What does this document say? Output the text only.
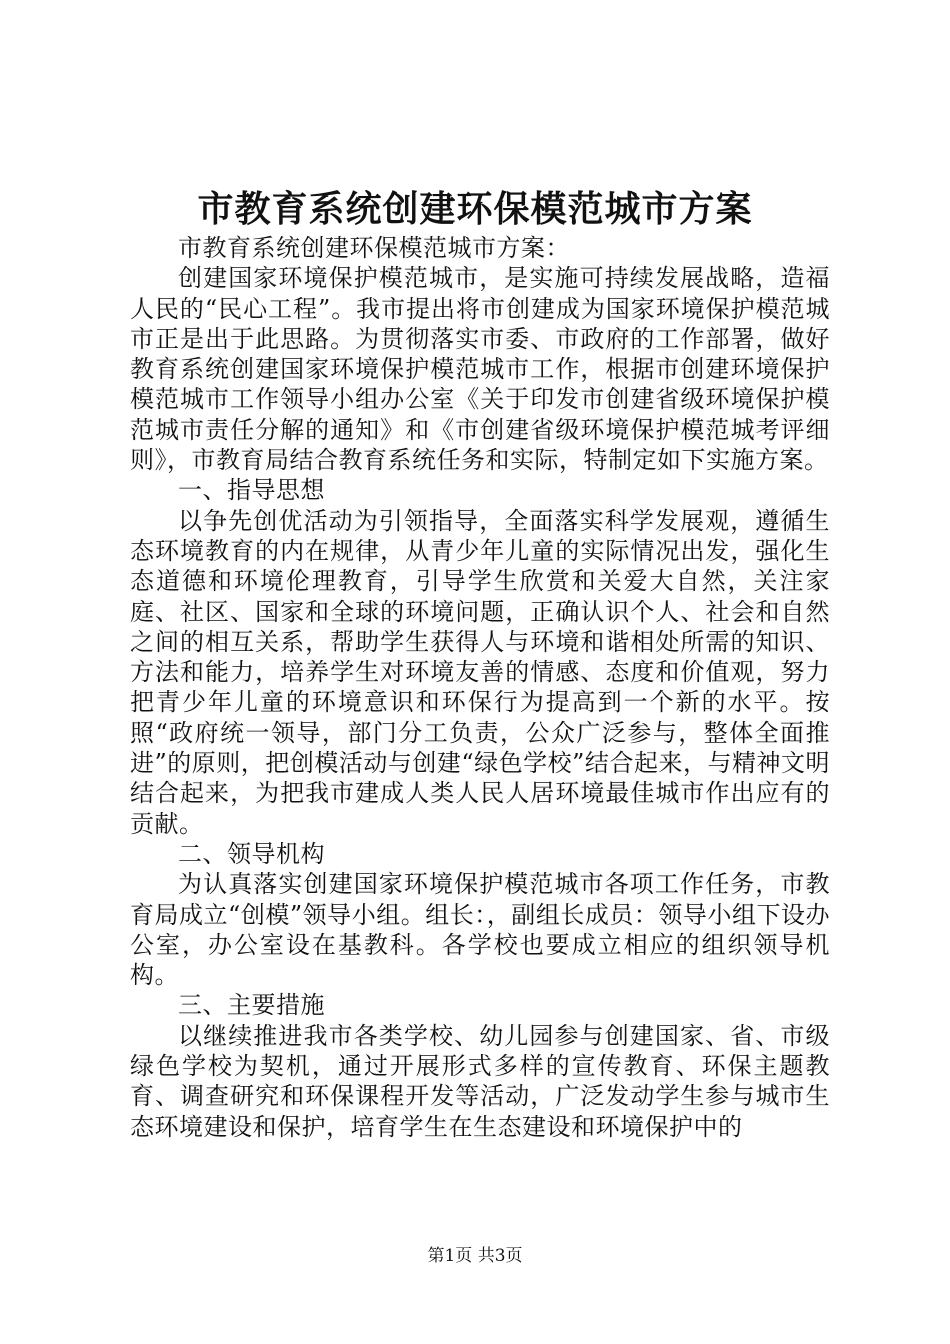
市教育系统创建环保模范城市方案

市教育系统创建环保模范城市方案：

创建国家环境保护模范城市，是实施可持续发展战略，造福人民的“民心工程”。我市提出将市创建成为国家环境保护模范城市正是出于此思路。为贯彻落实市委、市政府的工作部署，做好教育系统创建国家环境保护模范城市工作，根据市创建环境保护模范城市工作领导小组办公室《关于印发市创建省级环境保护模范城市责任分解的通知》和《市创建省级环境保护模范城考评细则》，市教育局结合教育系统任务和实际，特制定如下实施方案。

一、指导思想

以争先创优活动为引领指导，全面落实科学发展观，遵循生态环境教育的内在规律，从青少年儿童的实际情况出发，强化生态道德和环境伦理教育，引导学生欣赏和关爱大自然，关注家庭、社区、国家和全球的环境问题，正确认识个人、社会和自然之间的相互关系，帮助学生获得人与环境和谐相处所需的知识、方法和能力，培养学生对环境友善的情感、态度和价值观，努力把青少年儿童的环境意识和环保行为提高到一个新的水平。按照“政府统一领导，部门分工负责，公众广泛参与，整体全面推进”的原则，把创模活动与创建“绿色学校”结合起来，与精神文明结合起来，为把我市建成人类人民人居环境最佳城市作出应有的贡献。

二、领导机构

为认真落实创建国家环境保护模范城市各项工作任务，市教育局成立“创模”领导小组。组长：，副组长成员：领导小组下设办公室，办公室设在基教科。各学校也要成立相应的组织领导机构。

三、主要措施

以继续推进我市各类学校、幼儿园参与创建国家、省、市级绿色学校为契机，通过开展形式多样的宣传教育、环保主题教育、调查研究和环保课程开发等活动，广泛发动学生参与城市生态环境建设和保护，培育学生在生态建设和环境保护中的

第1页 共3页
